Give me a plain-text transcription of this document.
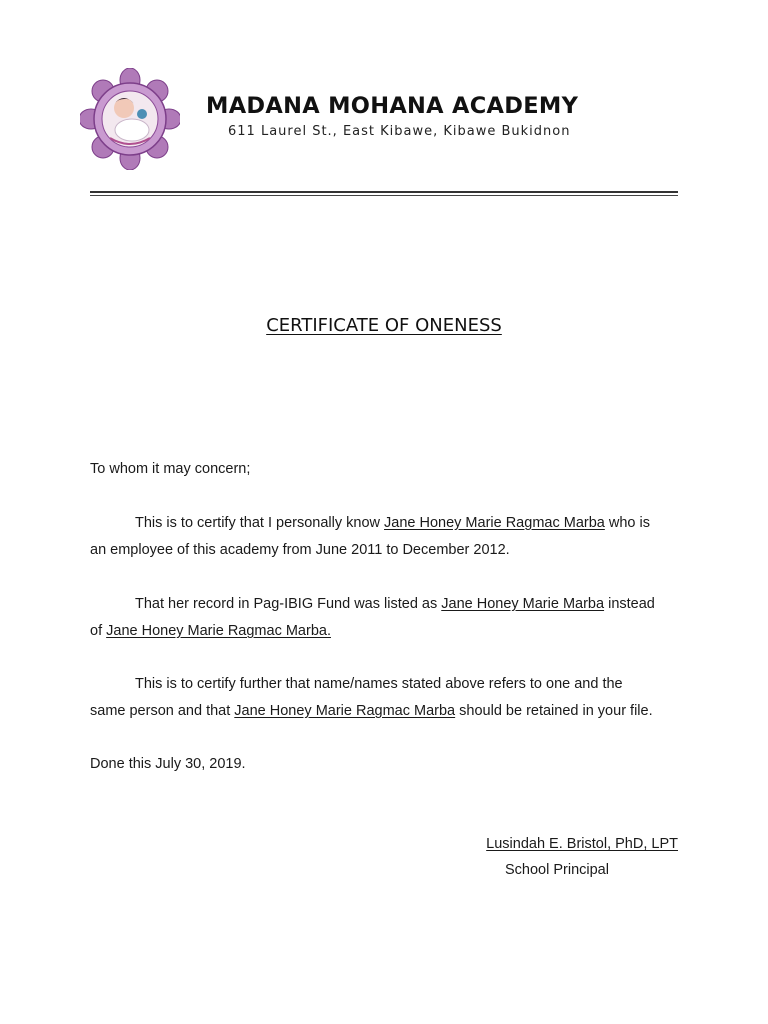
MADANA MOHANA ACADEMY
611 Laurel St., East Kibawe, Kibawe Bukidnon
CERTIFICATE OF ONENESS
To whom it may concern;
This is to certify that I personally know Jane Honey Marie Ragmac Marba who is
an employee of this academy from June 2011 to December 2012.
That her record in Pag-IBIG Fund was listed as Jane Honey Marie Marba instead
of Jane Honey Marie Ragmac Marba.
This is to certify further that name/names stated above refers to one and the
same person and that Jane Honey Marie Ragmac Marba should be retained in your file.
Done this July 30, 2019.
Lusindah E. Bristol, PhD, LPT
School Principal
